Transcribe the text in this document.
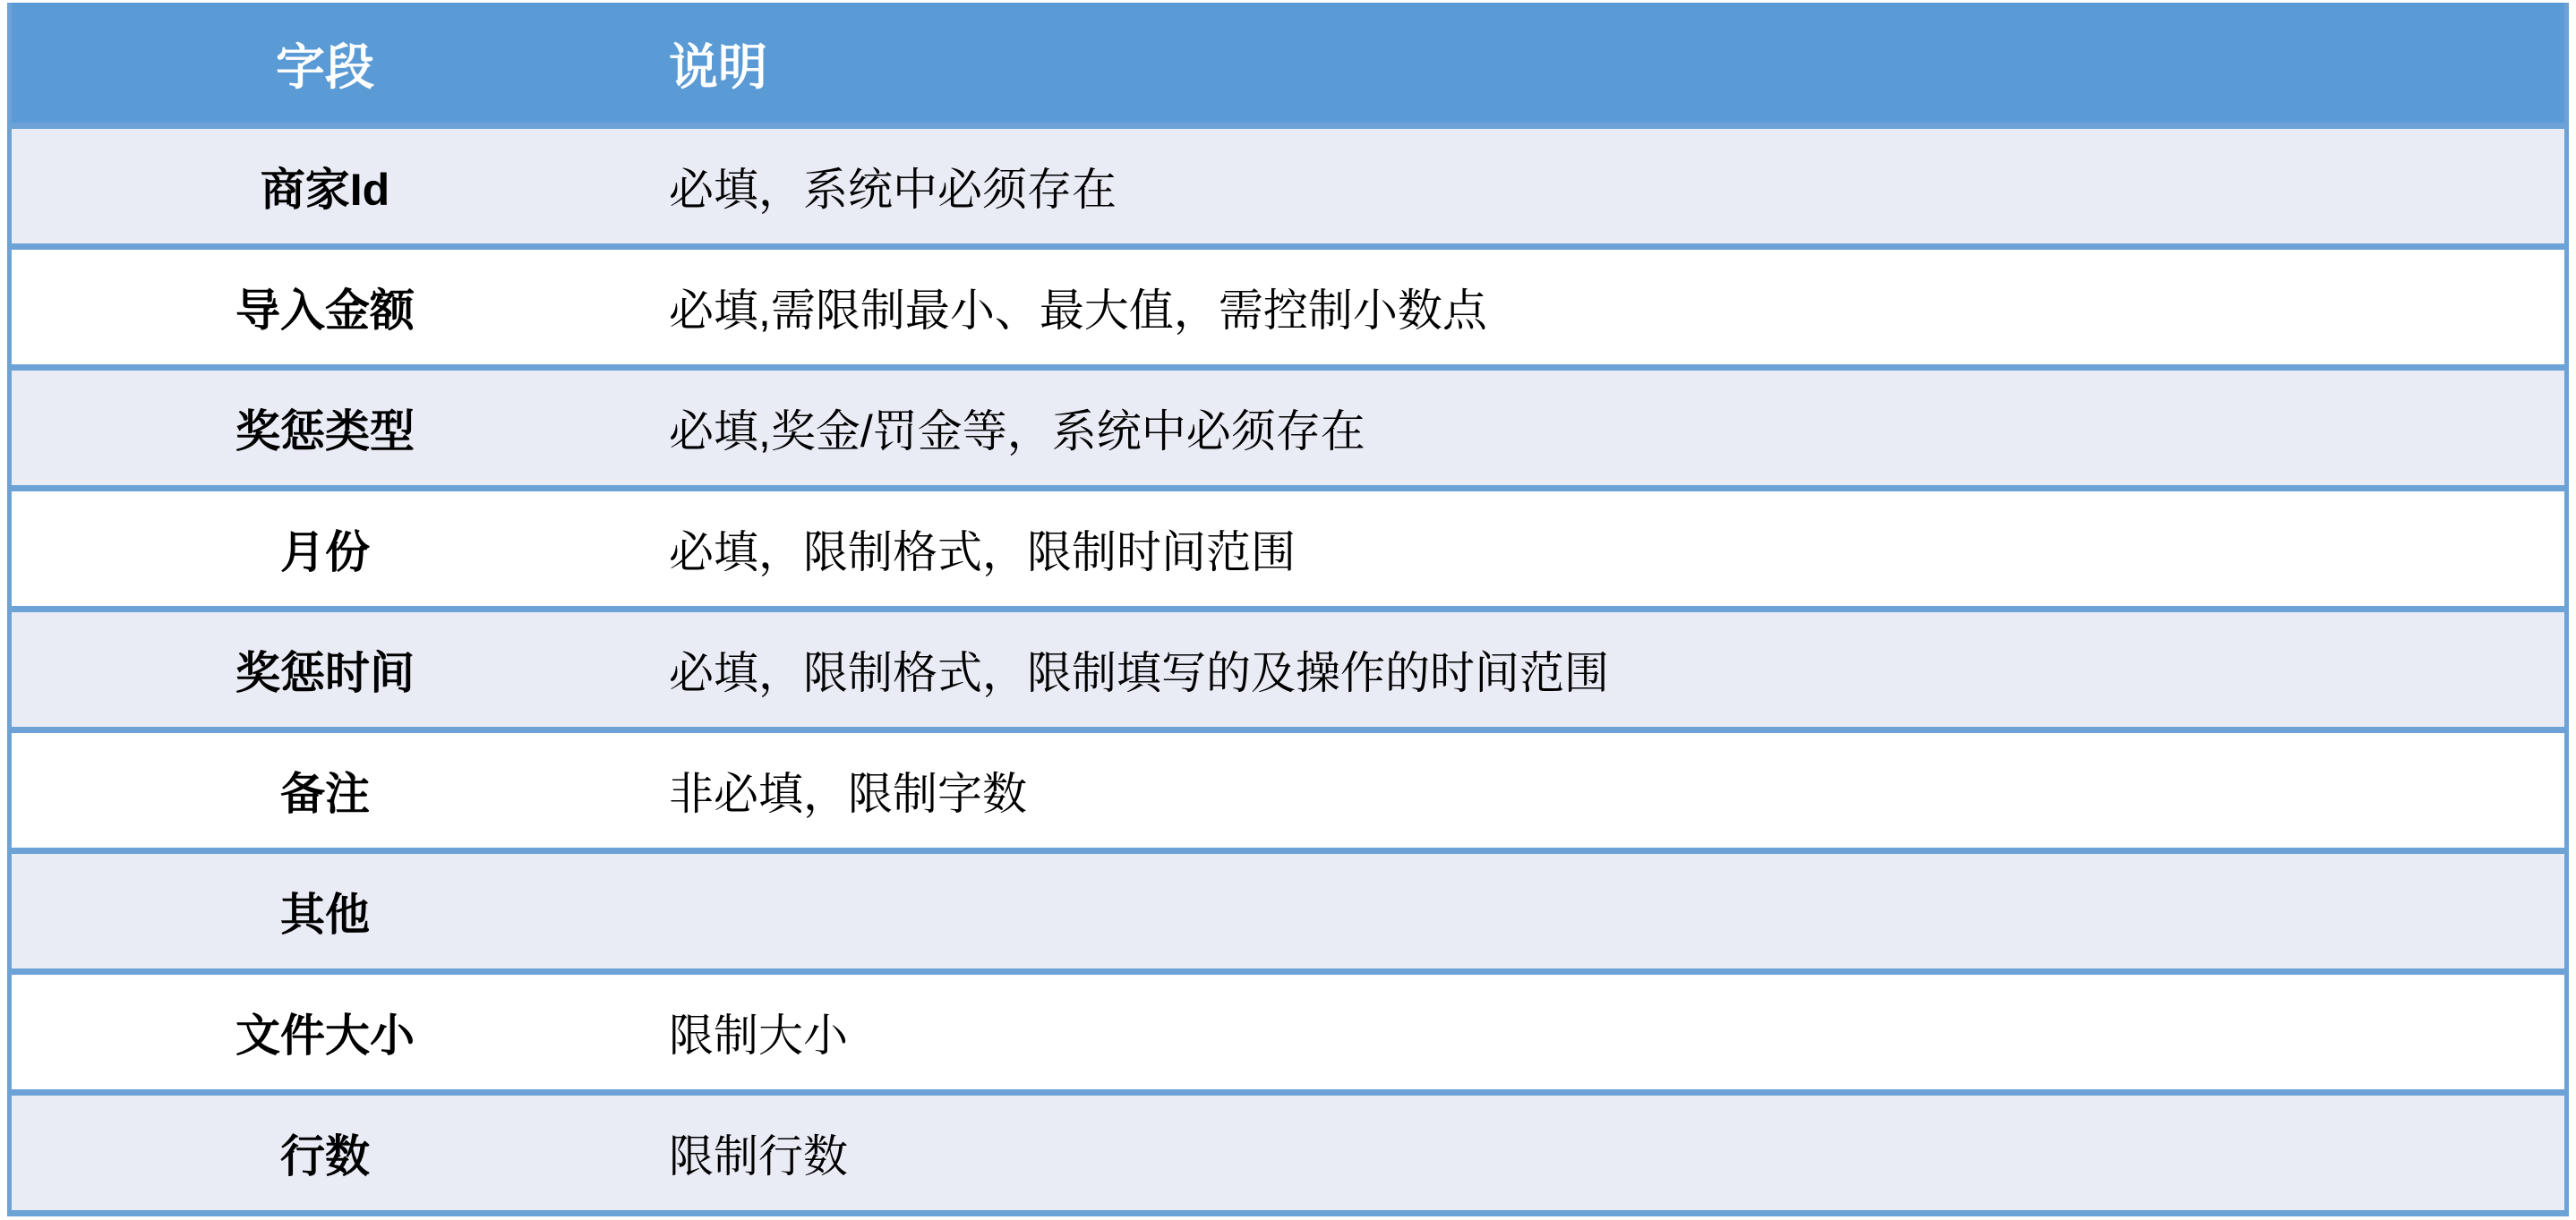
字段	说明
商家Id	必填，系统中必须存在
导入金额	必填,需限制最小、最大值，需控制小数点
奖惩类型	必填,奖金/罚金等，系统中必须存在
月份	必填，限制格式，限制时间范围
奖惩时间	必填，限制格式，限制填写的及操作的时间范围
备注	非必填，限制字数
其他
文件大小	限制大小
行数	限制行数
